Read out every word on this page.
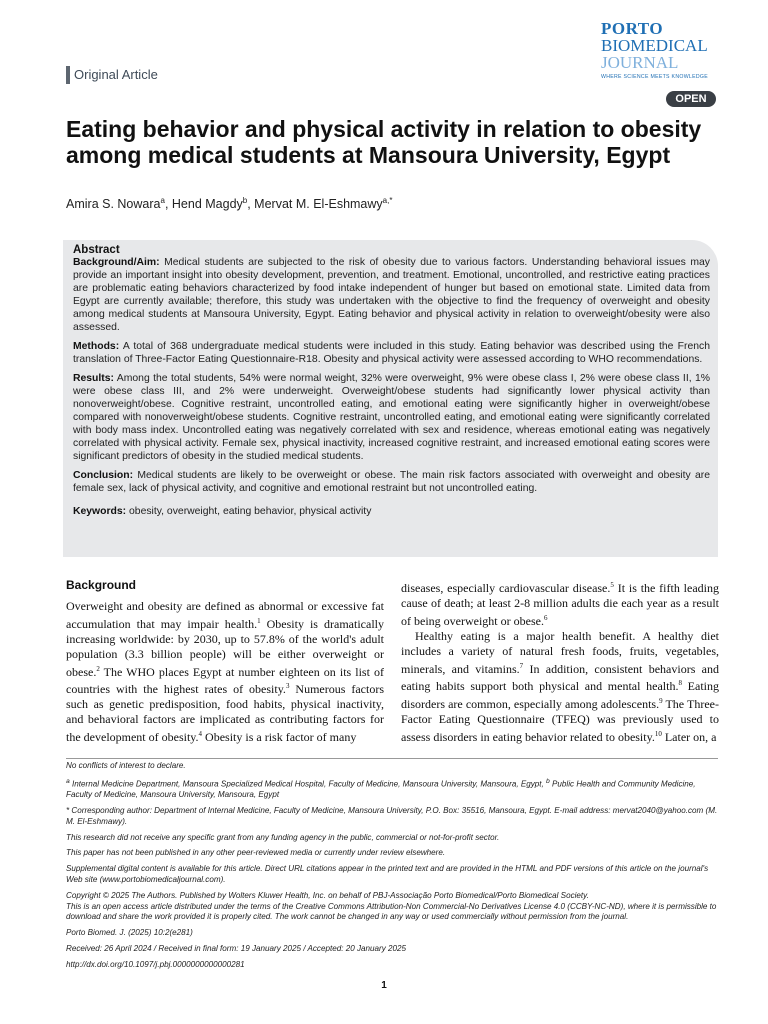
Original Article
PORTO
BIOMEDICAL
JOURNAL
WHERE SCIENCE MEETS KNOWLEDGE
OPEN
Eating behavior and physical activity in relation to obesity among medical students at Mansoura University, Egypt
Amira S. Nowara$^a$, Hend Magdy$^b$, Mervat M. El-Eshmawy$^{a,*}$
Abstract

Background/Aim: Medical students are subjected to the risk of obesity due to various factors. Understanding behavioral issues may provide an important insight into obesity development, prevention, and treatment. Emotional, uncontrolled, and restrictive eating practices are problematic eating behaviors characterized by food intake independent of hunger but based on emotional state. Limited data from Egypt are currently available; therefore, this study was undertaken with the objective to find the frequency of overweight and obesity among medical students at Mansoura University, Egypt. Eating behavior and physical activity in relation to overweight/obesity were also assessed.

Methods: A total of 368 undergraduate medical students were included in this study. Eating behavior was described using the French translation of Three-Factor Eating Questionnaire-R18. Obesity and physical activity were assessed according to WHO recommendations.

Results: Among the total students, 54% were normal weight, 32% were overweight, 9% were obese class I, 2% were obese class II, 1% were obese class III, and 2% were underweight. Overweight/obese students had significantly lower physical activity than nonoverweight/obese. Cognitive restraint, uncontrolled eating, and emotional eating were significantly higher in overweight/obese compared with nonoverweight/obese students. Cognitive restraint, uncontrolled eating, and emotional eating were significantly correlated with body mass index. Uncontrolled eating was negatively correlated with sex and residence, whereas emotional eating was negatively correlated with physical activity. Female sex, physical inactivity, increased cognitive restraint, and increased emotional eating scores were significant predictors of obesity in the studied medical students.

Conclusion: Medical students are likely to be overweight or obese. The main risk factors associated with overweight and obesity are female sex, lack of physical activity, and cognitive and emotional restraint but not uncontrolled eating.

Keywords: obesity, overweight, eating behavior, physical activity

Background

Overweight and obesity are defined as abnormal or excessive fat accumulation that may impair health.$^1$ Obesity is dramatically increasing worldwide: by 2030, up to 57.8% of the world's adult population (3.3 billion people) will be either overweight or obese.$^2$ The WHO places Egypt at number eighteen on its list of countries with the highest rates of obesity.$^3$ Numerous factors such as genetic predisposition, food habits, physical inactivity, and behavioral factors are implicated as contributing factors for the development of obesity.$^4$ Obesity is a risk factor of many

diseases, especially cardiovascular disease.$^5$ It is the fifth leading cause of death; at least 2-8 million adults die each year as a result of being overweight or obese.$^6$

Healthy eating is a major health benefit. A healthy diet includes a variety of natural fresh foods, fruits, vegetables, minerals, and vitamins.$^7$ In addition, consistent behaviors and eating habits support both physical and mental health.$^8$ Eating disorders are common, especially among adolescents.$^9$ The Three-Factor Eating Questionnaire (TFEQ) was previously used to assess disorders in eating behavior related to obesity.$^{10}$ Later on, a

No conflicts of interest to declare.

$^a$ Internal Medicine Department, Mansoura Specialized Medical Hospital, Faculty of Medicine, Mansoura University, Mansoura, Egypt, $^b$ Public Health and Community Medicine, Faculty of Medicine, Mansoura University, Mansoura, Egypt

* Corresponding author: Department of Internal Medicine, Faculty of Medicine, Mansoura University, P.O. Box: 35516, Mansoura, Egypt. E-mail address: mervat2040@yahoo.com (M. M. El-Eshmawy).

This research did not receive any specific grant from any funding agency in the public, commercial or not-for-profit sector.

This paper has not been published in any other peer-reviewed media or currently under review elsewhere.

Supplemental digital content is available for this article. Direct URL citations appear in the printed text and are provided in the HTML and PDF versions of this article on the journal's Web site (www.portobiomedicaljournal.com).

Copyright © 2025 The Authors. Published by Wolters Kluwer Health, Inc. on behalf of PBJ-Associação Porto Biomedical/Porto Biomedical Society.

This is an open access article distributed under the terms of the Creative Commons Attribution-Non Commercial-No Derivatives License 4.0 (CCBY-NC-ND), where it is permissible to download and share the work provided it is properly cited. The work cannot be changed in any way or used commercially without permission from the journal.

Porto Biomed. J. (2025) 10:2(e281)

Received: 26 April 2024 / Received in final form: 19 January 2025 / Accepted: 20 January 2025

http://dx.doi.org/10.1097/j.pbj.0000000000000281

1
